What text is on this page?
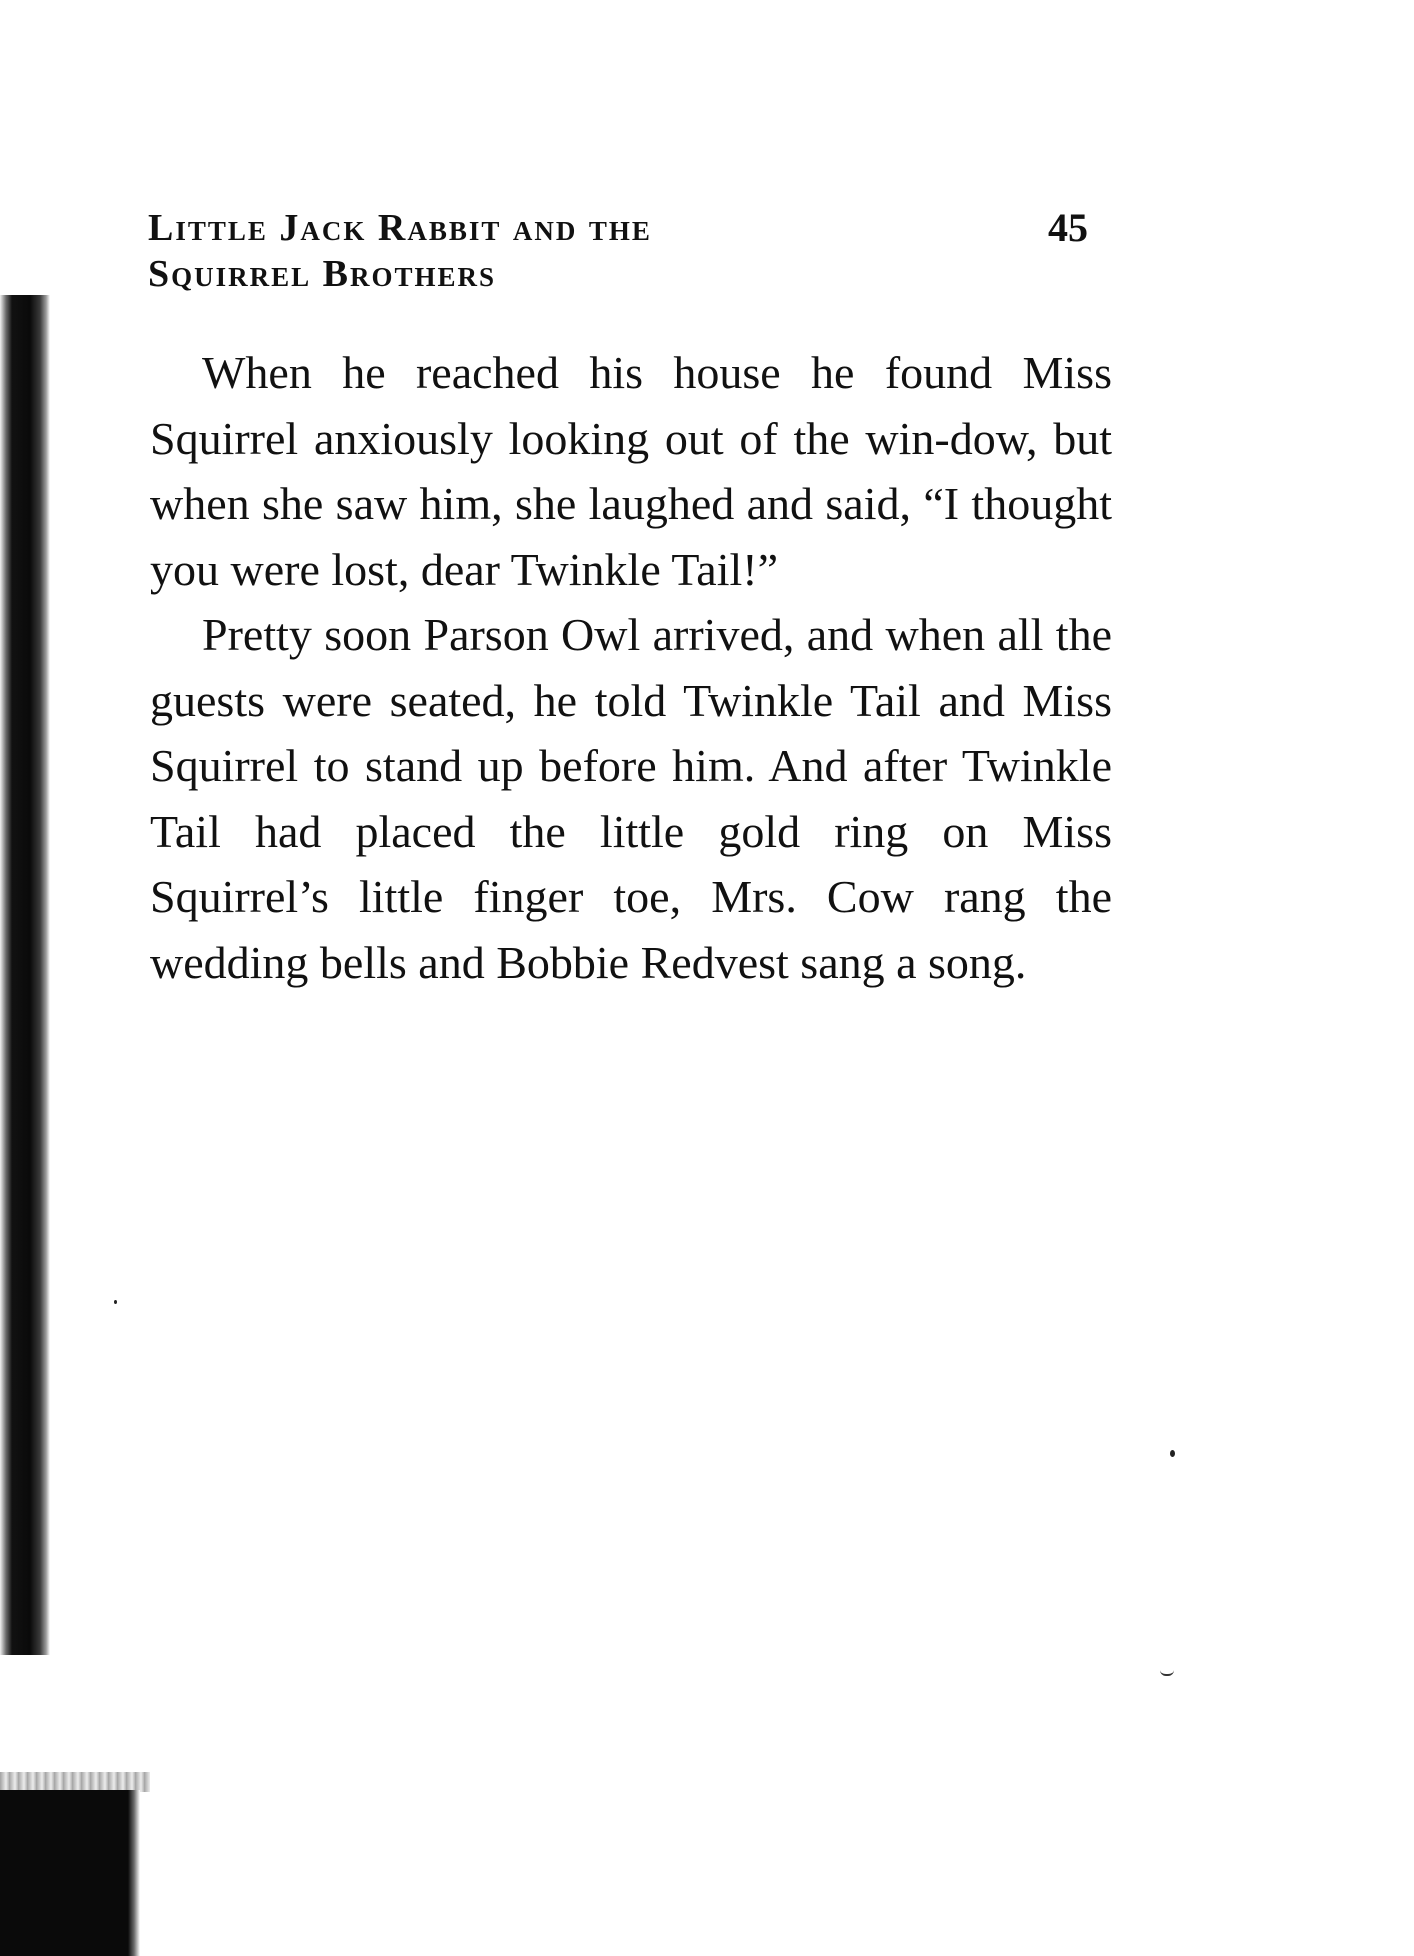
Little Jack Rabbit and the
Squirrel Brothers
45

When he reached his house he found Miss Squirrel anxiously looking out of the win-dow, but when she saw him, she laughed and said, “I thought you were lost, dear Twinkle Tail!”

Pretty soon Parson Owl arrived, and when all the guests were seated, he told Twinkle Tail and Miss Squirrel to stand up before him. And after Twinkle Tail had placed the little gold ring on Miss Squirrel’s little finger toe, Mrs. Cow rang the wedding bells and Bobbie Redvest sang a song.
